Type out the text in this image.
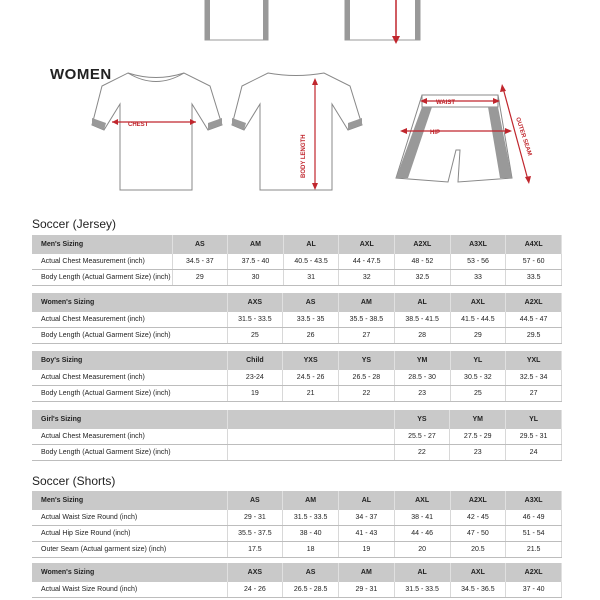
CHEST
BODY LENGTH
WAIST
HIP	OUTER SEAM
WOMEN
Soccer (Jersey)
Men's Sizing	AS	AM	AL	AXL	A2XL	A3XL	A4XL
Actual Chest Measurement (inch)	34.5 - 37	37.5 - 40	40.5 - 43.5	44 - 47.5	48 - 52	53 - 56	57 - 60
Body Length (Actual Garment Size) (inch)	29	30	31	32	32.5	33	33.5
Women's Sizing	AXS	AS	AM	AL	AXL	A2XL
Actual Chest Measurement (inch)	31.5 - 33.5	33.5 - 35	35.5 - 38.5	38.5 - 41.5	41.5 - 44.5	44.5 - 47
Body Length (Actual Garment Size) (inch)	25	26	27	28	29	29.5
Boy's Sizing	Child	YXS	YS	YM	YL	YXL
Actual Chest Measurement (inch)	23-24	24.5 - 26	26.5 - 28	28.5 - 30	30.5 - 32	32.5 - 34
Body Length (Actual Garment Size) (inch)	19	21	22	23	25	27
Girl's Sizing					YS	YM	YL
Actual Chest Measurement (inch)					25.5 - 27	27.5 - 29	29.5 - 31
Body Length (Actual Garment Size) (inch)					22	23	24
Soccer (Shorts)
Men's Sizing	AS	AM	AL	AXL	A2XL	A3XL
Actual Waist Size Round (inch)	29 - 31	31.5 - 33.5	34 - 37	38 - 41	42 - 45	46 - 49
Actual Hip Size Round (inch)	35.5 - 37.5	38 - 40	41 - 43	44 - 46	47 - 50	51 - 54
Outer Seam (Actual garment size) (inch)	17.5	18	19	20	20.5	21.5
Women's Sizing	AXS	AS	AM	AL	AXL	A2XL
Actual Waist Size Round (inch)	24 - 26	26.5 - 28.5	29 - 31	31.5 - 33.5	34.5 - 36.5	37 - 40
